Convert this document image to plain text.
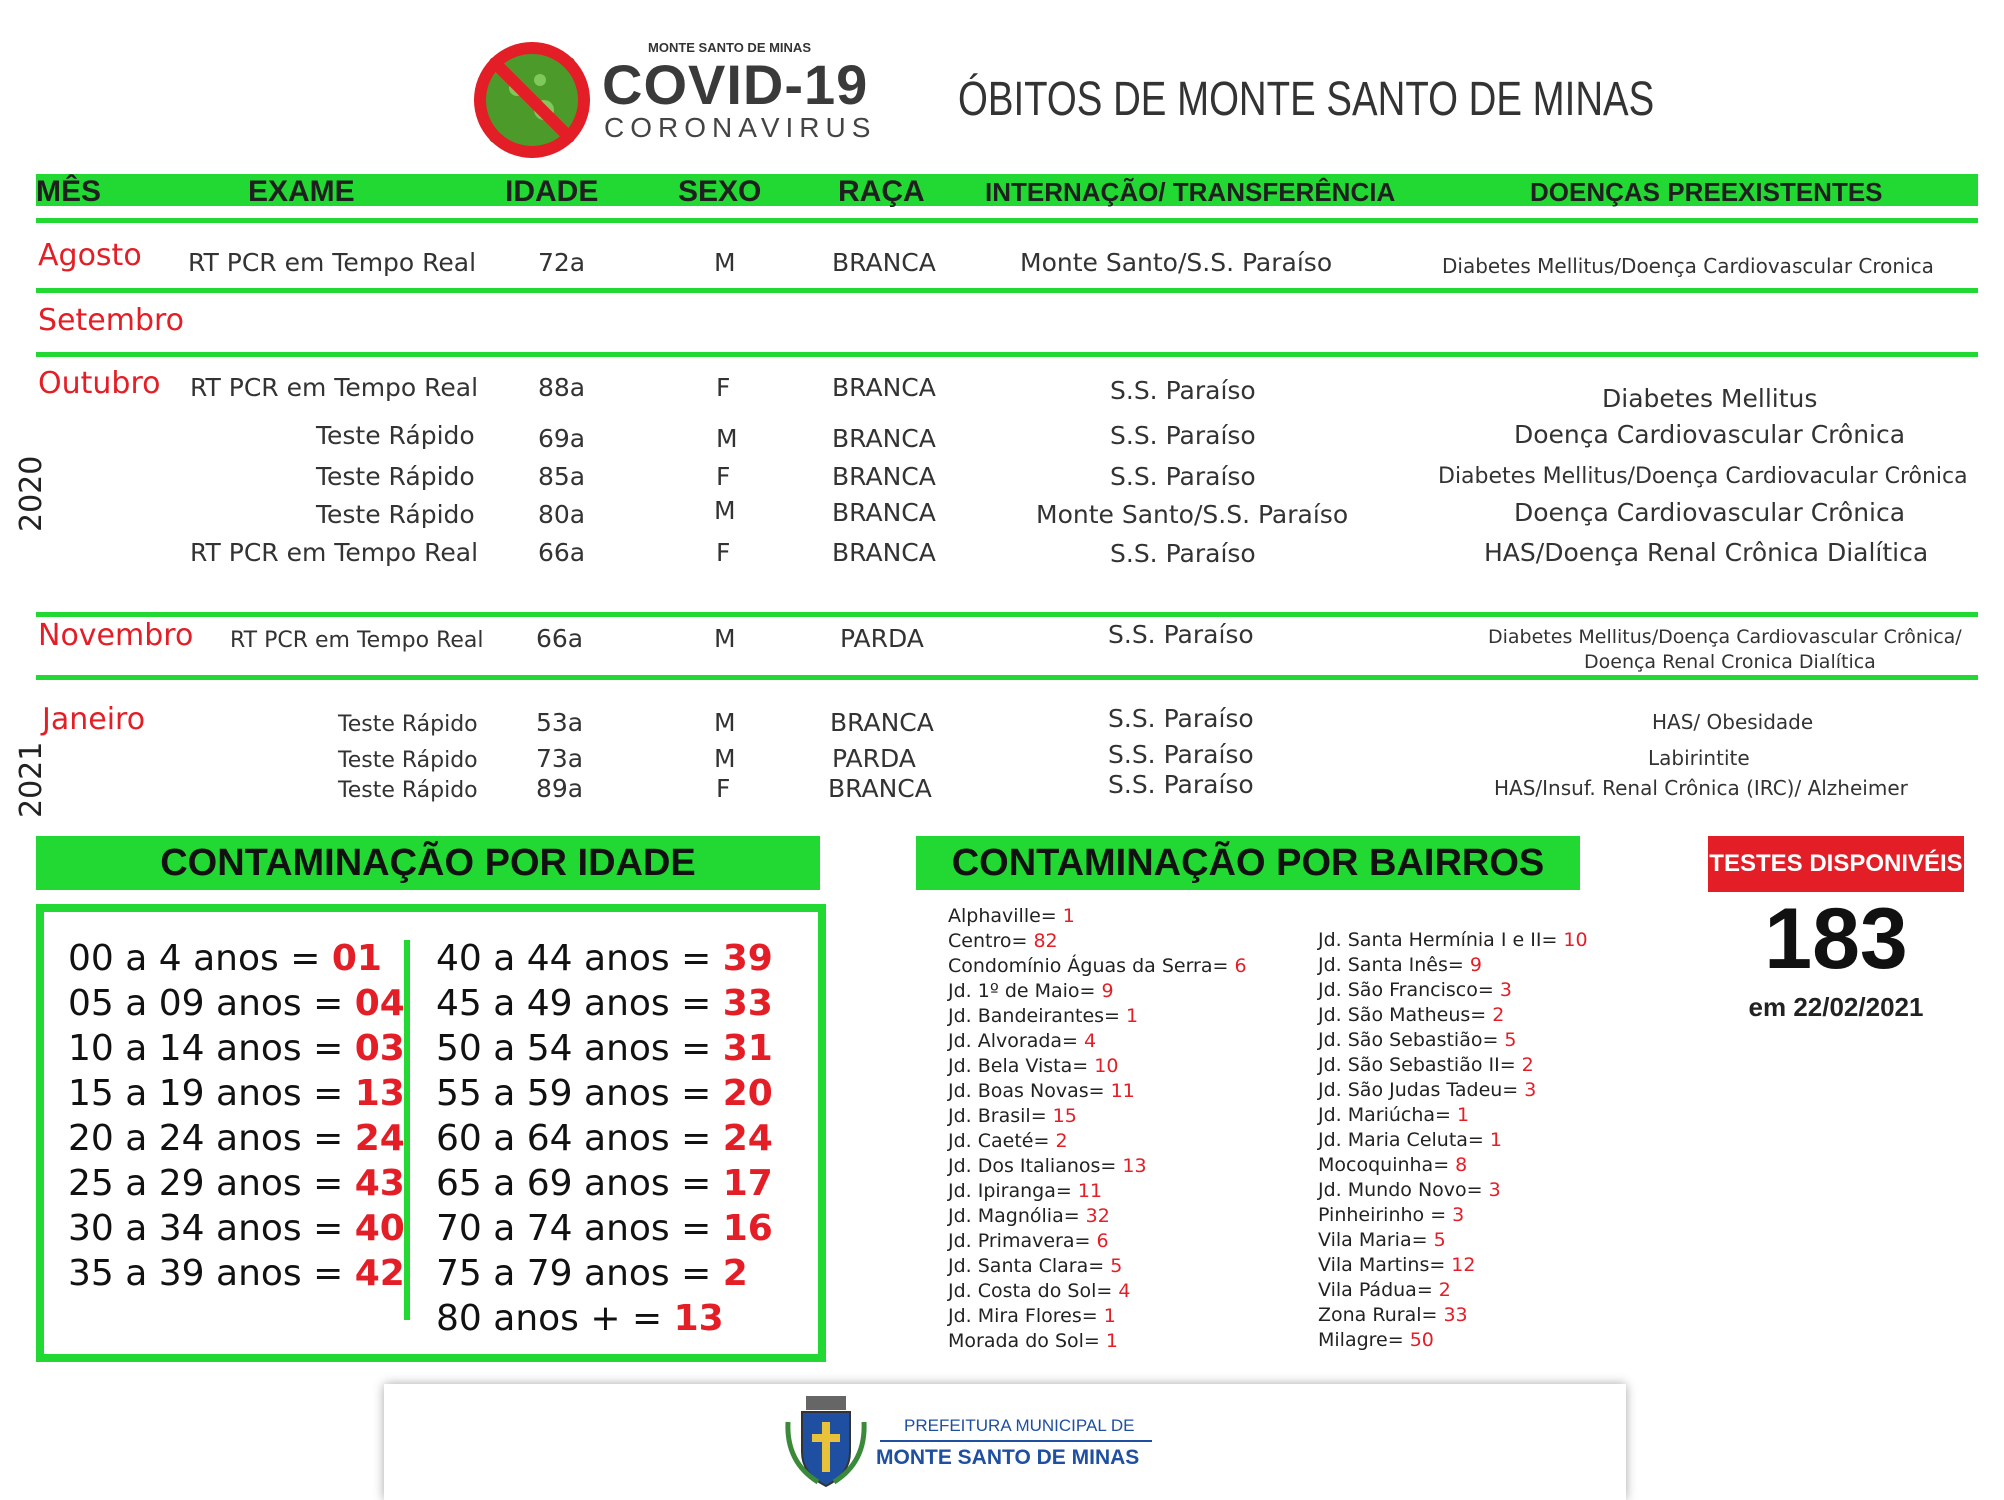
MONTE SANTO DE MINAS
COVID-19
CORONAVIRUS
ÓBITOS DE MONTE SANTO DE MINAS
MÊS	EXAME	IDADE	SEXO	RAÇA INTERNAÇÃO/ TRANSFERÊNCIA	DOENÇAS PREEXISTENTES
Agosto RT PCR em Tempo Real 72a	M	BRANCA	Monte Santo/S.S. Paraíso	Diabetes Mellitus/Doença Cardiovascular Cronica
Setembro
2020
Outubro RT PCR em Tempo Real 88a	F	BRANCA	S.S. Paraíso	Diabetes Mellitus
Teste Rápido	69a	M	BRANCA	S.S. Paraíso	Doença Cardiovascular Crônica
Teste Rápido	85a	F	BRANCA	S.S. Paraíso	Diabetes Mellitus/Doença Cardiovacular Crônica
Teste Rápido	80a	M	BRANCA	Monte Santo/S.S. Paraíso	Doença Cardiovascular Crônica
RT PCR em Tempo Real 66a	F	BRANCA	S.S. Paraíso	HAS/Doença Renal Crônica Dialítica
Novembro RT PCR em Tempo Real 66a	M	PARDA	S.S. Paraíso	Diabetes Mellitus/Doença Cardiovascular Crônica/
Doença Renal Cronica Dialítica
2021
Janeiro	Teste Rápido 53a	M	BRANCA	S.S. Paraíso	HAS/ Obesidade
Teste Rápido 73a	M	PARDA	S.S. Paraíso	Labirintite
Teste Rápido 89a	F	BRANCA	S.S. Paraíso	HAS/Insuf. Renal Crônica (IRC)/ Alzheimer
CONTAMINAÇÃO POR IDADE
00 a 4 anos = 01
05 a 09 anos = 04
10 a 14 anos = 03
15 a 19 anos = 13
20 a 24 anos = 24
25 a 29 anos = 43
30 a 34 anos = 40
35 a 39 anos = 42
40 a 44 anos = 39
45 a 49 anos = 33
50 a 54 anos = 31
55 a 59 anos = 20
60 a 64 anos = 24
65 a 69 anos = 17
70 a 74 anos = 16
75 a 79 anos = 2
80 anos + = 13
CONTAMINAÇÃO POR BAIRROS
Alphaville= 1
Centro= 82
Condomínio Águas da Serra= 6
Jd. 1º de Maio= 9
Jd. Bandeirantes= 1
Jd. Alvorada= 4
Jd. Bela Vista= 10
Jd. Boas Novas= 11
Jd. Brasil= 15
Jd. Caeté= 2
Jd. Dos Italianos= 13
Jd. Ipiranga= 11
Jd. Magnólia= 32
Jd. Primavera= 6
Jd. Santa Clara= 5
Jd. Costa do Sol= 4
Jd. Mira Flores= 1
Morada do Sol= 1
Jd. Santa Hermínia I e II= 10
Jd. Santa Inês= 9
Jd. São Francisco= 3
Jd. São Matheus= 2
Jd. São Sebastião= 5
Jd. São Sebastião II= 2
Jd. São Judas Tadeu= 3
Jd. Mariúcha= 1
Jd. Maria Celuta= 1
Mocoquinha= 8
Jd. Mundo Novo= 3
Pinheirinho = 3
Vila Maria= 5
Vila Martins= 12
Vila Pádua= 2
Zona Rural= 33
Milagre= 50
TESTES DISPONIVÉIS
183
em 22/02/2021
PREFEITURA MUNICIPAL DE
MONTE SANTO DE MINAS
